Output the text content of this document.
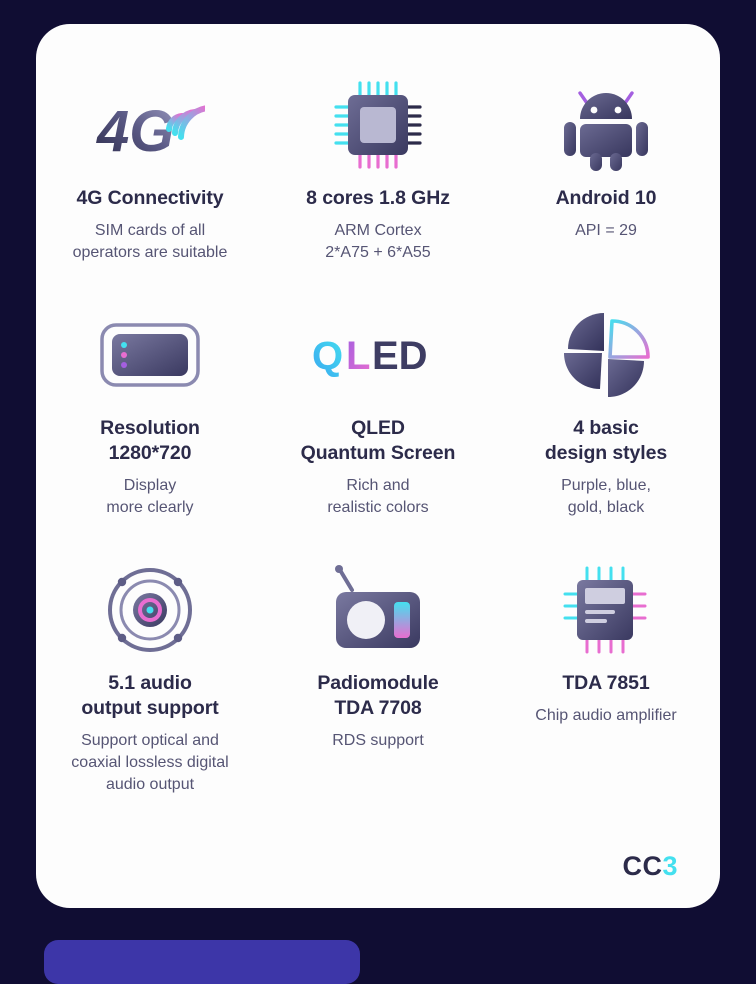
4G
4G Connectivity
SIM cards of all
operators are suitable
8 cores 1.8 GHz
ARM Cortex
2*A75 + 6*A55
Android 10
API = 29
Resolution
1280*720
Display
more clearly
Q L ED
QLED
Quantum Screen
Rich and
realistic colors
4 basic
design styles
Purple, blue,
gold, black
5.1 audio
output support
Support optical and
coaxial lossless digital
audio output
Padiomodule
TDA 7708
RDS support
TDA 7851
Chip audio amplifier
CC3
